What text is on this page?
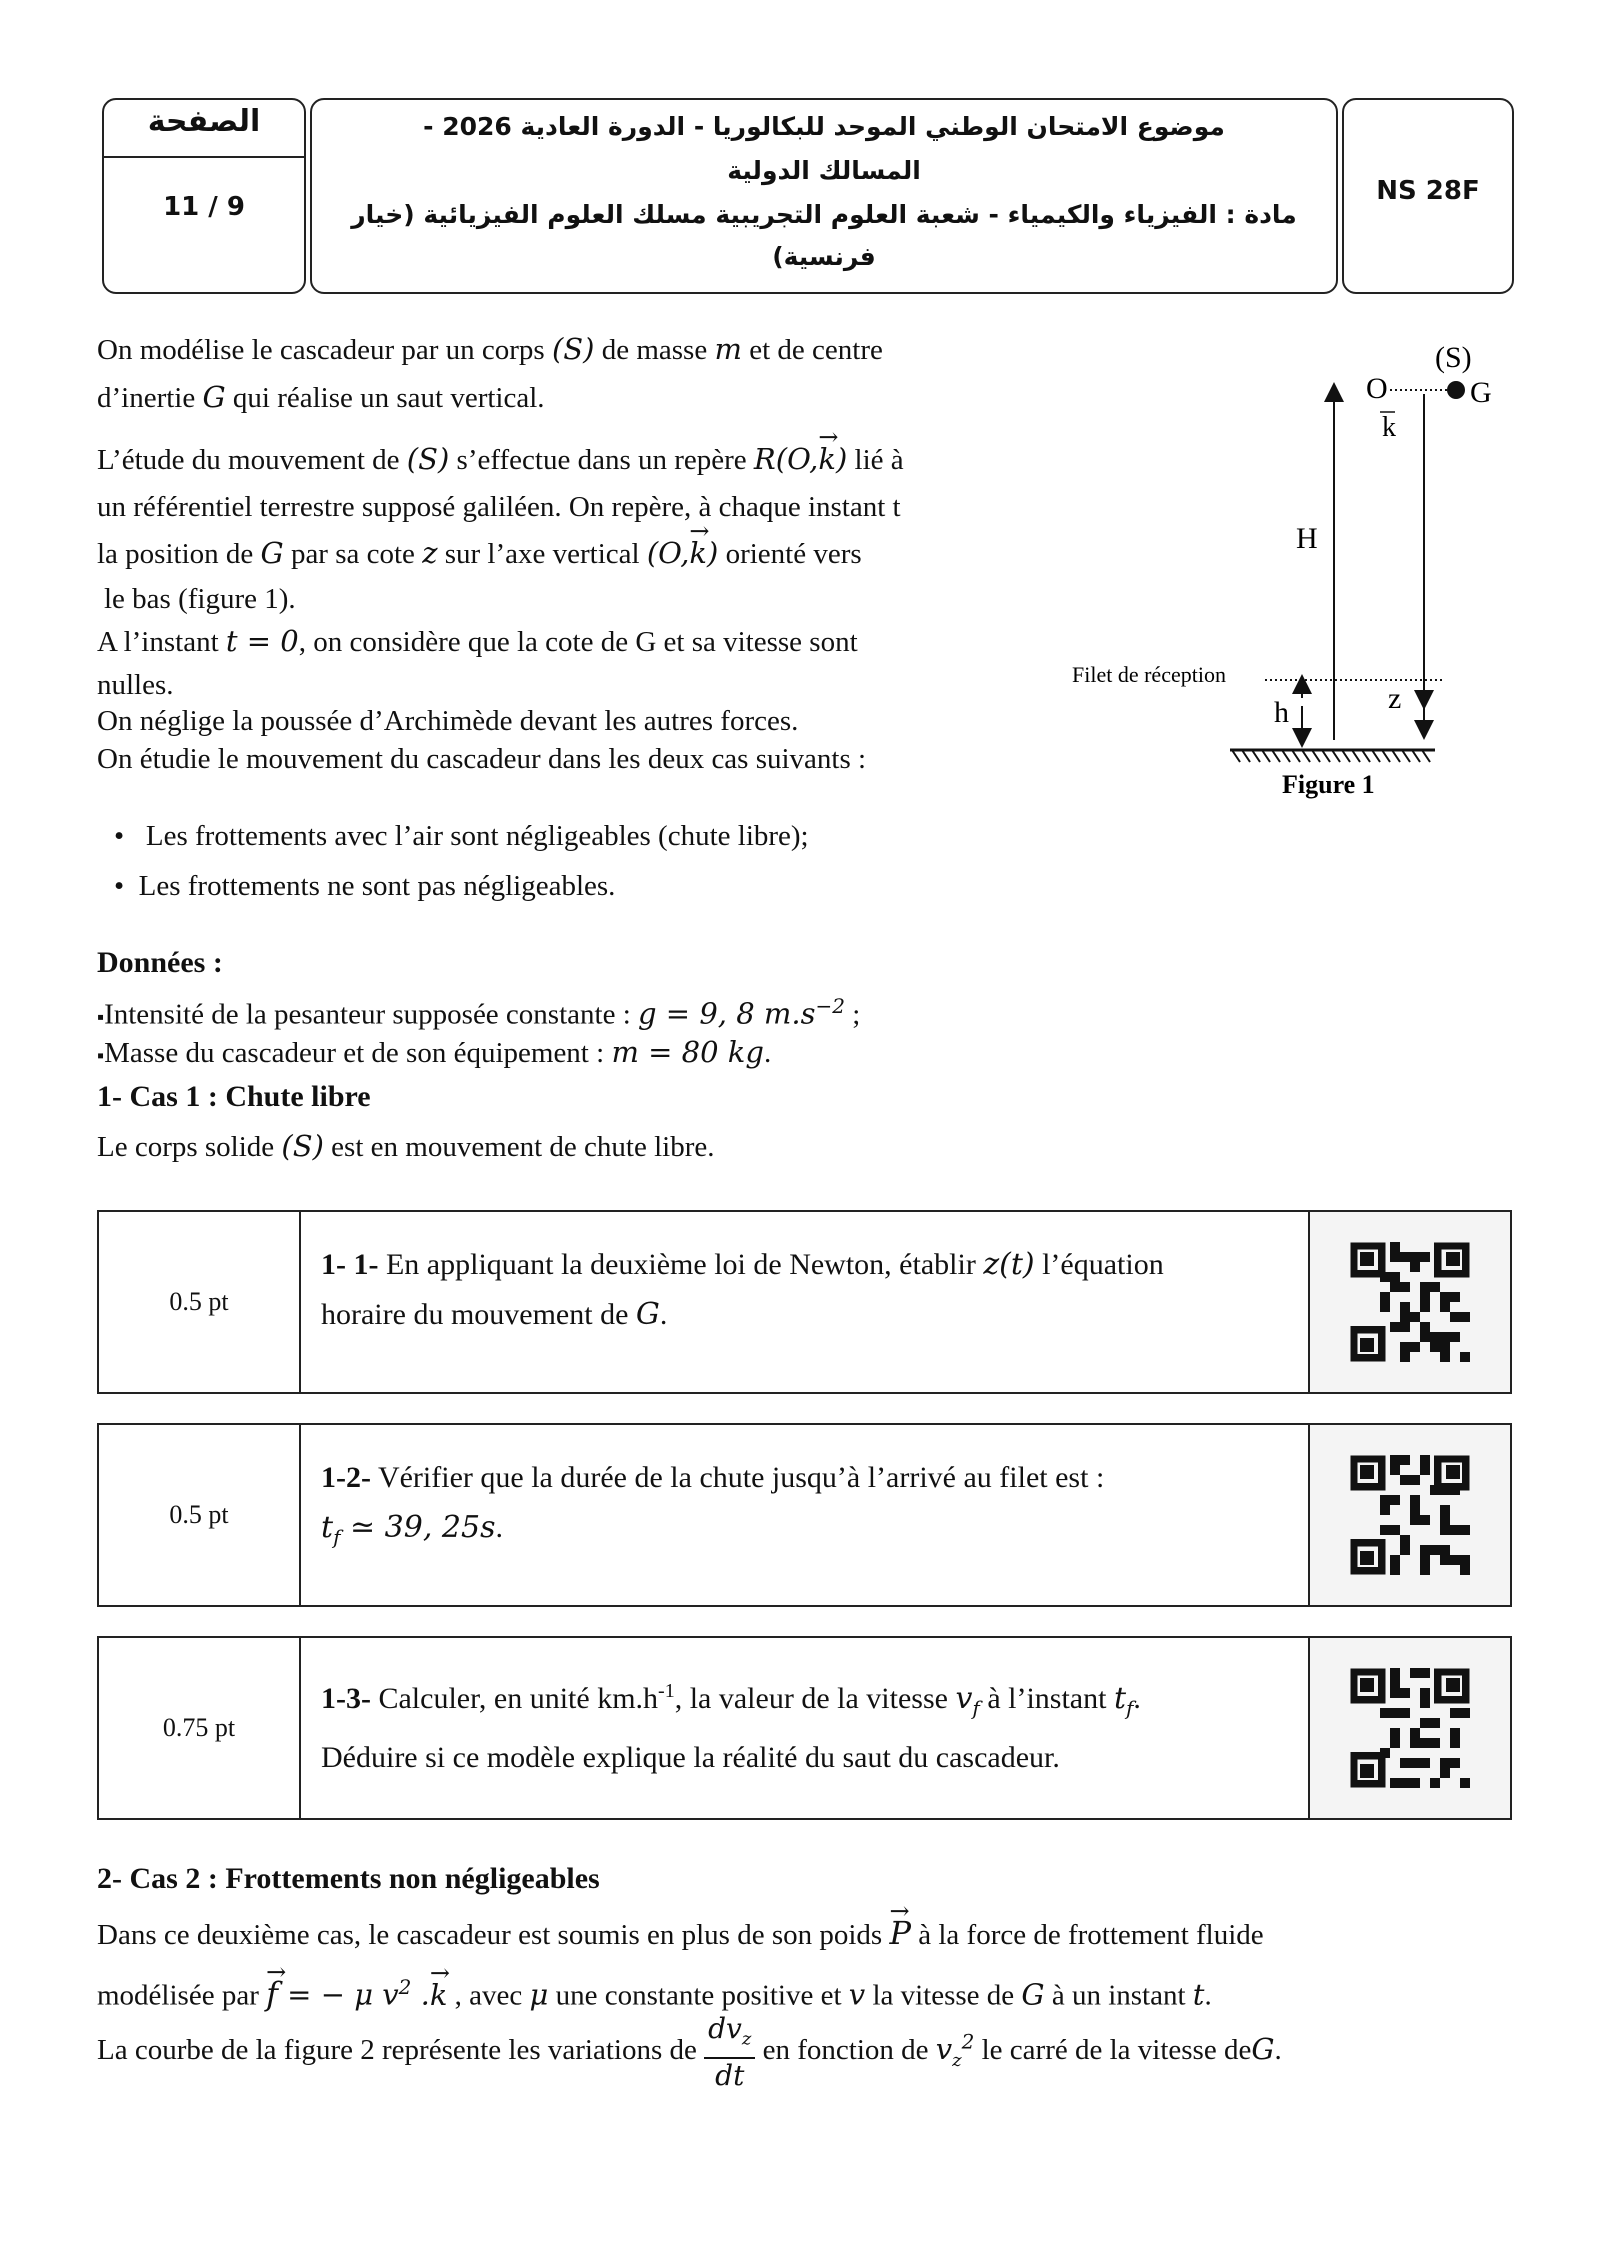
الصفحة
11 / 9
موضوع الامتحان الوطني الموحد للبكالوريا - الدورة العادية 2026 -
المسالك الدولية
مادة : الفيزياء والكيمياء - شعبة العلوم التجريبية مسلك العلوم الفيزيائية (خيار
فرنسية)
NS 28F
On modélise le cascadeur par un corps (S) de masse m et de centre
d’inertie G qui réalise un saut vertical.
L’étude du mouvement de (S) s’effectue dans un repère R(O,→ k) lié à
un référentiel terrestre supposé galiléen. On repère, à chaque instant t
la position de G par sa cote z sur l’axe vertical (O,→ k) orienté vers
le bas (figure 1).
A l’instant t = 0, on considère que la cote de G et sa vitesse sont
nulles.
On néglige la poussée d’Archimède devant les autres forces.
On étudie le mouvement du cascadeur dans les deux cas suivants :
(S)
O	G
k
H
z
Filet de réception
h
Figure 1
•   Les frottements avec l’air sont négligeables (chute libre);
•  Les frottements ne sont pas négligeables.
Données :
▪Intensité de la pesanteur supposée constante : g = 9, 8 $m.s^{-2}$ ;
▪Masse du cascadeur et de son équipement : m = 80 kg.
1- Cas 1 : Chute libre
Le corps solide (S) est en mouvement de chute libre.
0.5 pt
1- 1- En appliquant la deuxième loi de Newton, établir z(t) l’équation
horaire du mouvement de G.
0.5 pt
1-2- Vérifier que la durée de la chute jusqu’à l’arrivé au filet est :
$t_f$ ≃ 39, 25s.
0.75 pt
1-3- Calculer, en unité $km.h^{-1}$, la valeur de la vitesse $v_f$ à l’instant $t_f$.
Déduire si ce modèle explique la réalité du saut du cascadeur.
2- Cas 2 : Frottements non négligeables
Dans ce deuxième cas, le cascadeur est soumis en plus de son poids → P à la force de frottement fluide
modélisée par → f = − μ $v^2$ .→ k , avec μ une constante positive et v la vitesse de G à un instant t.
La courbe de la figure 2 représente les variations de $\frac{dv_z}{dt}$ en fonction de $v_z^2$ le carré de la vitesse deG.
